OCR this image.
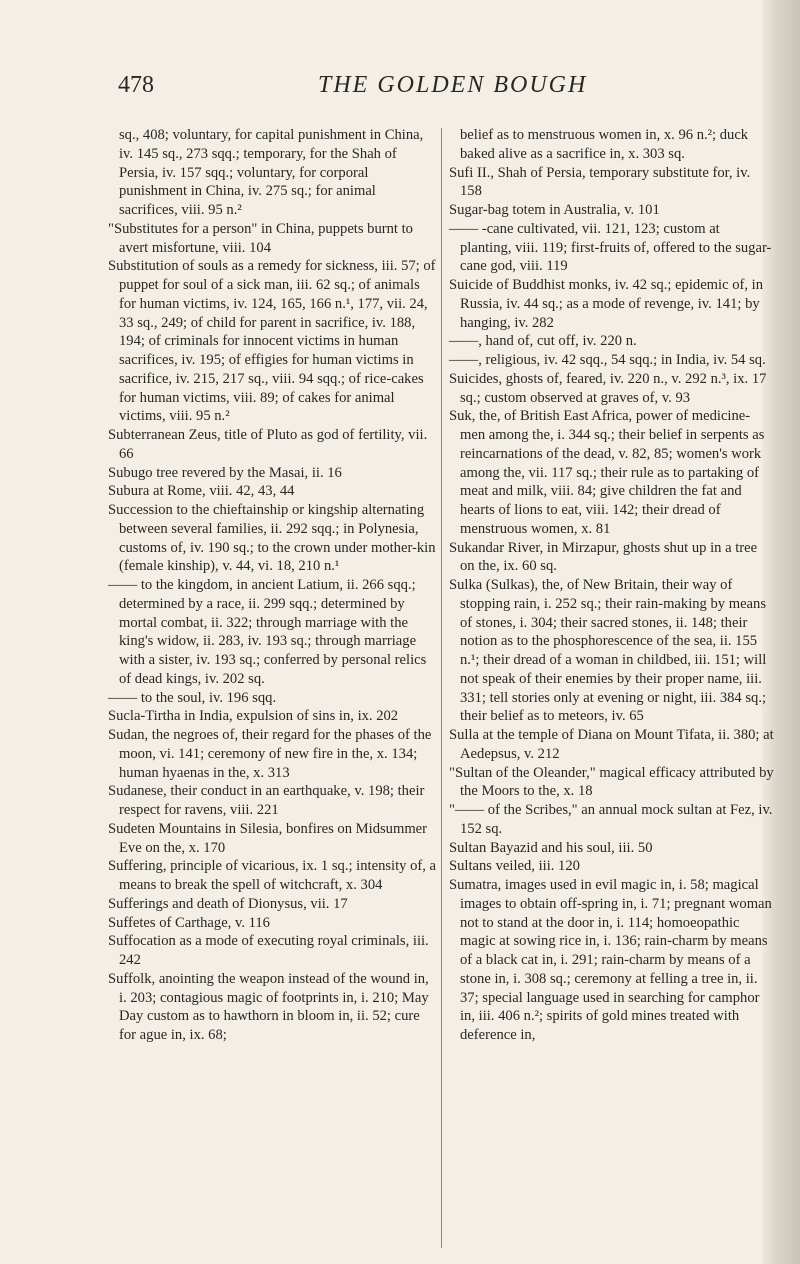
478	THE GOLDEN BOUGH

sq., 408; voluntary, for capital punishment in China, iv. 145 sq., 273 sqq.; temporary, for the Shah of Persia, iv. 157 sqq.; voluntary, for corporal punishment in China, iv. 275 sq.; for animal sacrifices, viii. 95 n.²

"Substitutes for a person" in China, puppets burnt to avert misfortune, viii. 104

Substitution of souls as a remedy for sickness, iii. 57; of puppet for soul of a sick man, iii. 62 sq.; of animals for human victims, iv. 124, 165, 166 n.¹, 177, vii. 24, 33 sq., 249; of child for parent in sacrifice, iv. 188, 194; of criminals for innocent victims in human sacrifices, iv. 195; of effigies for human victims in sacrifice, iv. 215, 217 sq., viii. 94 sqq.; of rice-cakes for human victims, viii. 89; of cakes for animal victims, viii. 95 n.²

Subterranean Zeus, title of Pluto as god of fertility, vii. 66

Subugo tree revered by the Masai, ii. 16

Subura at Rome, viii. 42, 43, 44

Succession to the chieftainship or kingship alternating between several families, ii. 292 sqq.; in Polynesia, customs of, iv. 190 sq.; to the crown under mother-kin (female kinship), v. 44, vi. 18, 210 n.¹

—— to the kingdom, in ancient Latium, ii. 266 sqq.; determined by a race, ii. 299 sqq.; determined by mortal combat, ii. 322; through marriage with the king's widow, ii. 283, iv. 193 sq.; through marriage with a sister, iv. 193 sq.; conferred by personal relics of dead kings, iv. 202 sq.

—— to the soul, iv. 196 sqq.

Sucla-Tirtha in India, expulsion of sins in, ix. 202

Sudan, the negroes of, their regard for the phases of the moon, vi. 141; ceremony of new fire in the, x. 134; human hyaenas in the, x. 313

Sudanese, their conduct in an earthquake, v. 198; their respect for ravens, viii. 221

Sudeten Mountains in Silesia, bonfires on Midsummer Eve on the, x. 170

Suffering, principle of vicarious, ix. 1 sq.; intensity of, a means to break the spell of witchcraft, x. 304

Sufferings and death of Dionysus, vii. 17

Suffetes of Carthage, v. 116

Suffocation as a mode of executing royal criminals, iii. 242

Suffolk, anointing the weapon instead of the wound in, i. 203; contagious magic of footprints in, i. 210; May Day custom as to hawthorn in bloom in, ii. 52; cure for ague in, ix. 68;

belief as to menstruous women in, x. 96 n.²; duck baked alive as a sacrifice in, x. 303 sq.

Sufi II., Shah of Persia, temporary substitute for, iv. 158

Sugar-bag totem in Australia, v. 101

—— -cane cultivated, vii. 121, 123; custom at planting, viii. 119; first-fruits of, offered to the sugar-cane god, viii. 119

Suicide of Buddhist monks, iv. 42 sq.; epidemic of, in Russia, iv. 44 sq.; as a mode of revenge, iv. 141; by hanging, iv. 282

——, hand of, cut off, iv. 220 n.

——, religious, iv. 42 sqq., 54 sqq.; in India, iv. 54 sq.

Suicides, ghosts of, feared, iv. 220 n., v. 292 n.³, ix. 17 sq.; custom observed at graves of, v. 93

Suk, the, of British East Africa, power of medicine-men among the, i. 344 sq.; their belief in serpents as reincarnations of the dead, v. 82, 85; women's work among the, vii. 117 sq.; their rule as to partaking of meat and milk, viii. 84; give children the fat and hearts of lions to eat, viii. 142; their dread of menstruous women, x. 81

Sukandar River, in Mirzapur, ghosts shut up in a tree on the, ix. 60 sq.

Sulka (Sulkas), the, of New Britain, their way of stopping rain, i. 252 sq.; their rain-making by means of stones, i. 304; their sacred stones, ii. 148; their notion as to the phosphorescence of the sea, ii. 155 n.¹; their dread of a woman in childbed, iii. 151; will not speak of their enemies by their proper name, iii. 331; tell stories only at evening or night, iii. 384 sq.; their belief as to meteors, iv. 65

Sulla at the temple of Diana on Mount Tifata, ii. 380; at Aedepsus, v. 212

"Sultan of the Oleander," magical efficacy attributed by the Moors to the, x. 18

"—— of the Scribes," an annual mock sultan at Fez, iv. 152 sq.

Sultan Bayazid and his soul, iii. 50

Sultans veiled, iii. 120

Sumatra, images used in evil magic in, i. 58; magical images to obtain off-spring in, i. 71; pregnant woman not to stand at the door in, i. 114; homoeopathic magic at sowing rice in, i. 136; rain-charm by means of a black cat in, i. 291; rain-charm by means of a stone in, i. 308 sq.; ceremony at felling a tree in, ii. 37; special language used in searching for camphor in, iii. 406 n.²; spirits of gold mines treated with deference in,
